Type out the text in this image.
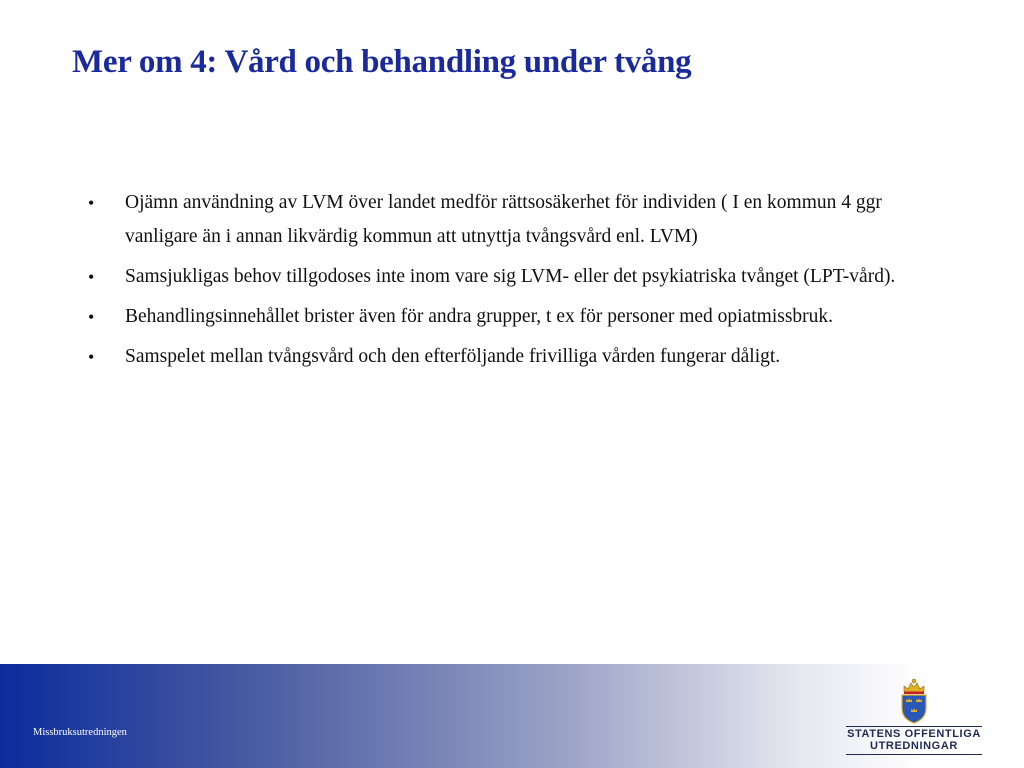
Mer om 4: Vård och behandling under tvång
• Ojämn användning av LVM över landet medför rättsosäkerhet för individen ( I en kommun 4 ggr vanligare än i annan likvärdig kommun att utnyttja tvångsvård enl. LVM)
• Samsjukligas behov tillgodoses inte inom vare sig LVM- eller det psykiatriska tvånget (LPT-vård).
• Behandlingsinnehållet brister även för andra grupper, t ex för personer med opiatmissbruk.
• Samspelet mellan tvångsvård och den efterföljande frivilliga vården fungerar dåligt.
Missbruksutredningen	STATENS OFFENTLIGA
UTREDNINGAR
